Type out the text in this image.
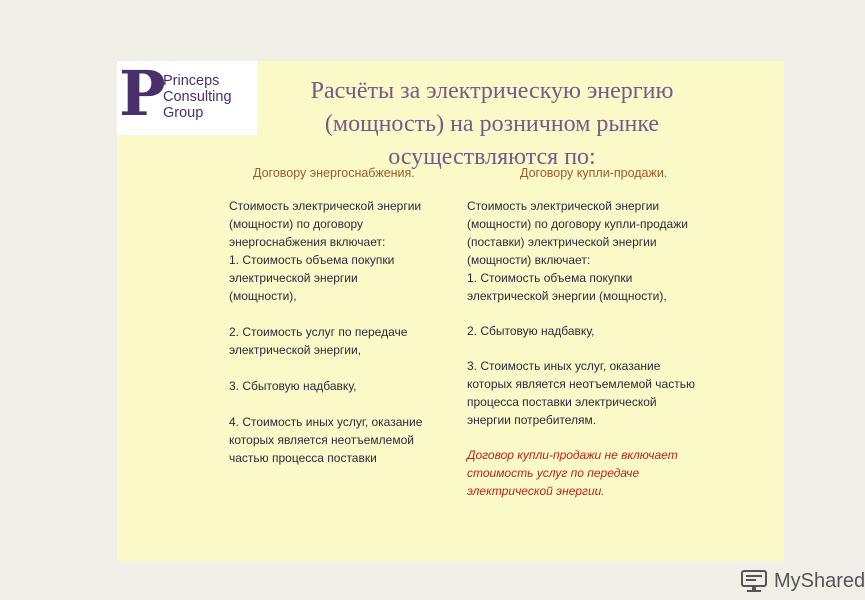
P
Princeps
Consulting
Group
Расчёты за электрическую энергию (мощность) на розничном рынке осуществляются по:
Договору энергоснабжения.

Стоимость электрической энергии
(мощности) по договору
энергоснабжения включает:
1. Стоимость объема покупки
электрической энергии
(мощности),

2. Стоимость услуг по передаче
электрической энергии,

3. Сбытовую надбавку,

4. Стоимость иных услуг, оказание
которых является неотъемлемой
частью процесса поставки

Договору купли-продажи.

Стоимость электрической энергии
(мощности) по договору купли-продажи
(поставки) электрической энергии
(мощности) включает:
1. Стоимость объема покупки
электрической энергии (мощности),

2. Сбытовую надбавку,

3. Стоимость иных услуг, оказание
которых является неотъемлемой частью
процесса поставки электрической
энергии потребителям.

Договор купли-продажи не включает
стоимость услуг по передаче
электрической энергии.
MyShared
